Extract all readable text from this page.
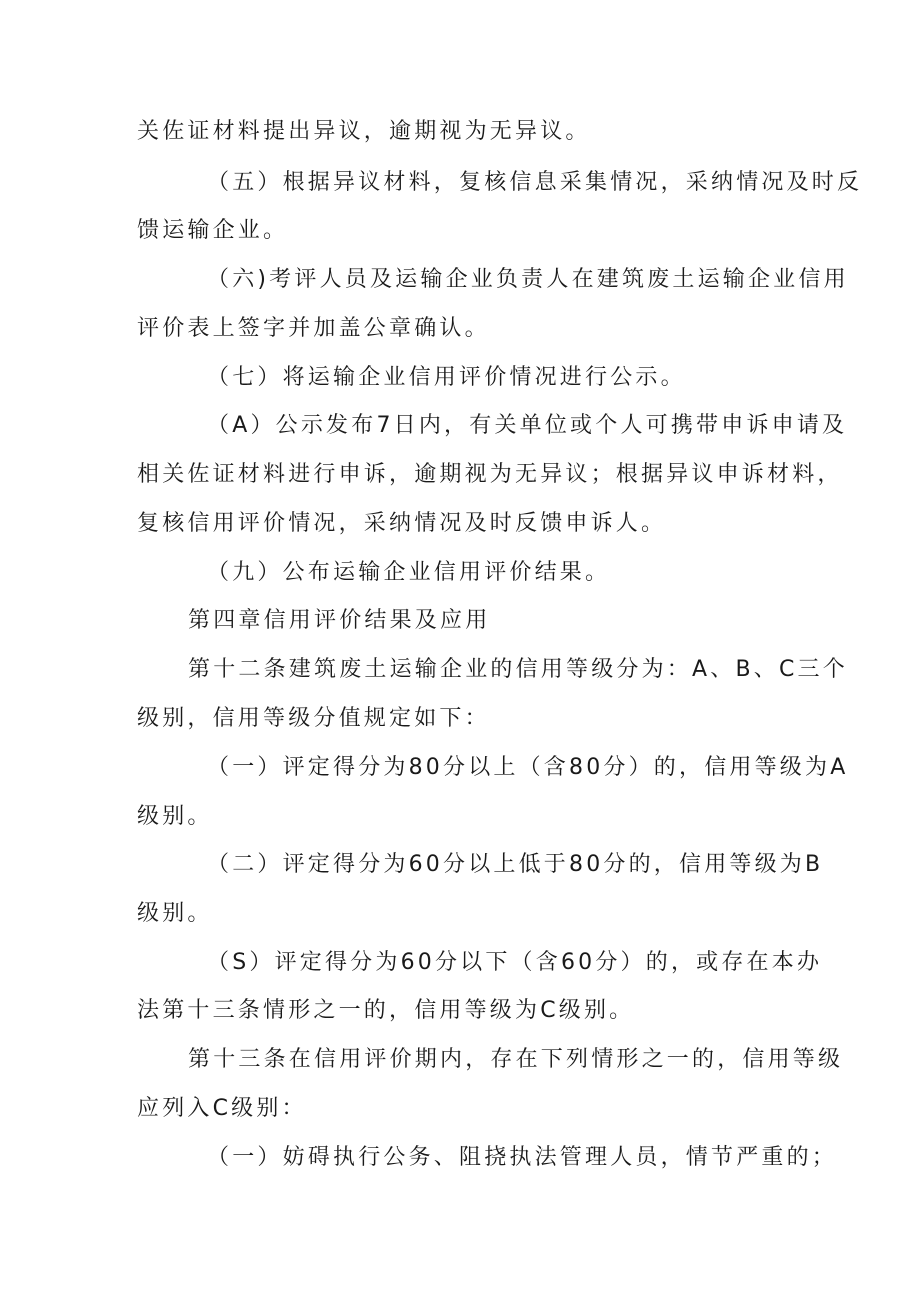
关佐证材料提出异议，逾期视为无异议。
（五）根据异议材料，复核信息采集情况，采纳情况及时反
馈运输企业。
（六)考评人员及运输企业负责人在建筑废土运输企业信用
评价表上签字并加盖公章确认。
（七）将运输企业信用评价情况进行公示。
（A）公示发布7日内，有关单位或个人可携带申诉申请及
相关佐证材料进行申诉，逾期视为无异议；根据异议申诉材料，
复核信用评价情况，采纳情况及时反馈申诉人。
（九）公布运输企业信用评价结果。
第四章信用评价结果及应用
第十二条建筑废土运输企业的信用等级分为：A、B、C三个
级别，信用等级分值规定如下：
（一）评定得分为80分以上（含80分）的，信用等级为A
级别。
（二）评定得分为60分以上低于80分的，信用等级为B
级别。
（S）评定得分为60分以下（含60分）的，或存在本办
法第十三条情形之一的，信用等级为C级别。
第十三条在信用评价期内，存在下列情形之一的，信用等级
应列入C级别：
（一）妨碍执行公务、阻挠执法管理人员，情节严重的；
